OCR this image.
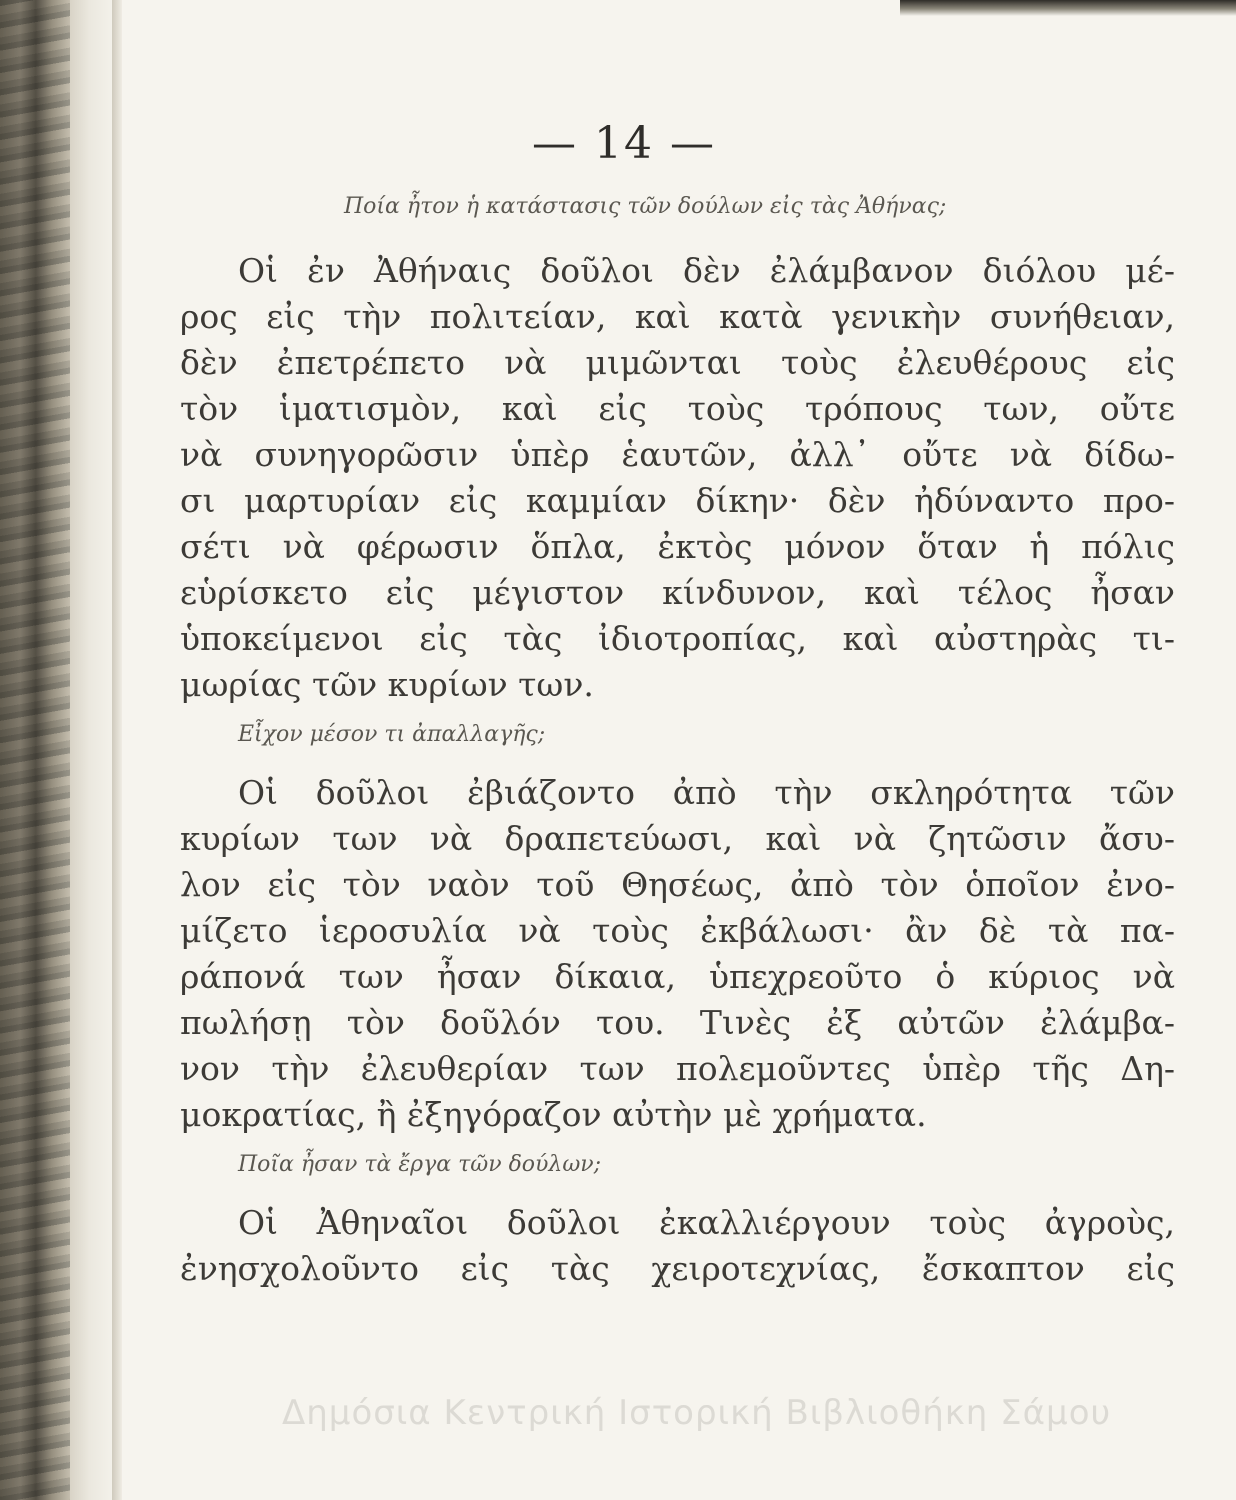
— 14 —
Ποία ἦτον ἡ κατάστασις τῶν δούλων εἰς τὰς Ἀθήνας;

Οἱ ἐν Ἀθήναις δοῦλοι δὲν ἐλάμβανον διόλου μέ-

ρος εἰς τὴν πολιτείαν, καὶ κατὰ γενικὴν συνήθειαν,

δὲν ἐπετρέπετο νὰ μιμῶνται τοὺς ἐλευθέρους εἰς

τὸν ἱματισμὸν, καὶ εἰς τοὺς τρόπους των, οὔτε

νὰ συνηγορῶσιν ὑπὲρ ἑαυτῶν, ἀλλ᾽ οὔτε νὰ δίδω-

σι μαρτυρίαν εἰς καμμίαν δίκην· δὲν ἠδύναντο προ-

σέτι νὰ φέρωσιν ὅπλα, ἐκτὸς μόνον ὅταν ἡ πόλις

εὑρίσκετο εἰς μέγιστον κίνδυνον, καὶ τέλος ἦσαν

ὑποκείμενοι εἰς τὰς ἰδιοτροπίας, καὶ αὐστηρὰς τι-

μωρίας τῶν κυρίων των.

Εἶχον μέσον τι ἀπαλλαγῆς;

Οἱ δοῦλοι ἐβιάζοντο ἀπὸ τὴν σκληρότητα τῶν

κυρίων των νὰ δραπετεύωσι, καὶ νὰ ζητῶσιν ἄσυ-

λον εἰς τὸν ναὸν τοῦ Θησέως, ἀπὸ τὸν ὁποῖον ἐνο-

μίζετο ἱεροσυλία νὰ τοὺς ἐκβάλωσι· ἂν δὲ τὰ πα-

ράπονά των ἦσαν δίκαια, ὑπεχρεοῦτο ὁ κύριος νὰ

πωλήσῃ τὸν δοῦλόν του. Τινὲς ἐξ αὐτῶν ἐλάμβα-

νον τὴν ἐλευθερίαν των πολεμοῦντες ὑπὲρ τῆς Δη-

μοκρατίας, ἢ ἐξηγόραζον αὐτὴν μὲ χρήματα.

Ποῖα ἦσαν τὰ ἔργα τῶν δούλων;

Οἱ Ἀθηναῖοι δοῦλοι ἐκαλλιέργουν τοὺς ἀγροὺς,

ἐνησχολοῦντο εἰς τὰς χειροτεχνίας, ἔσκαπτον εἰς

Δημόσια Κεντρική Ιστορική Βιβλιοθήκη Σάμου
